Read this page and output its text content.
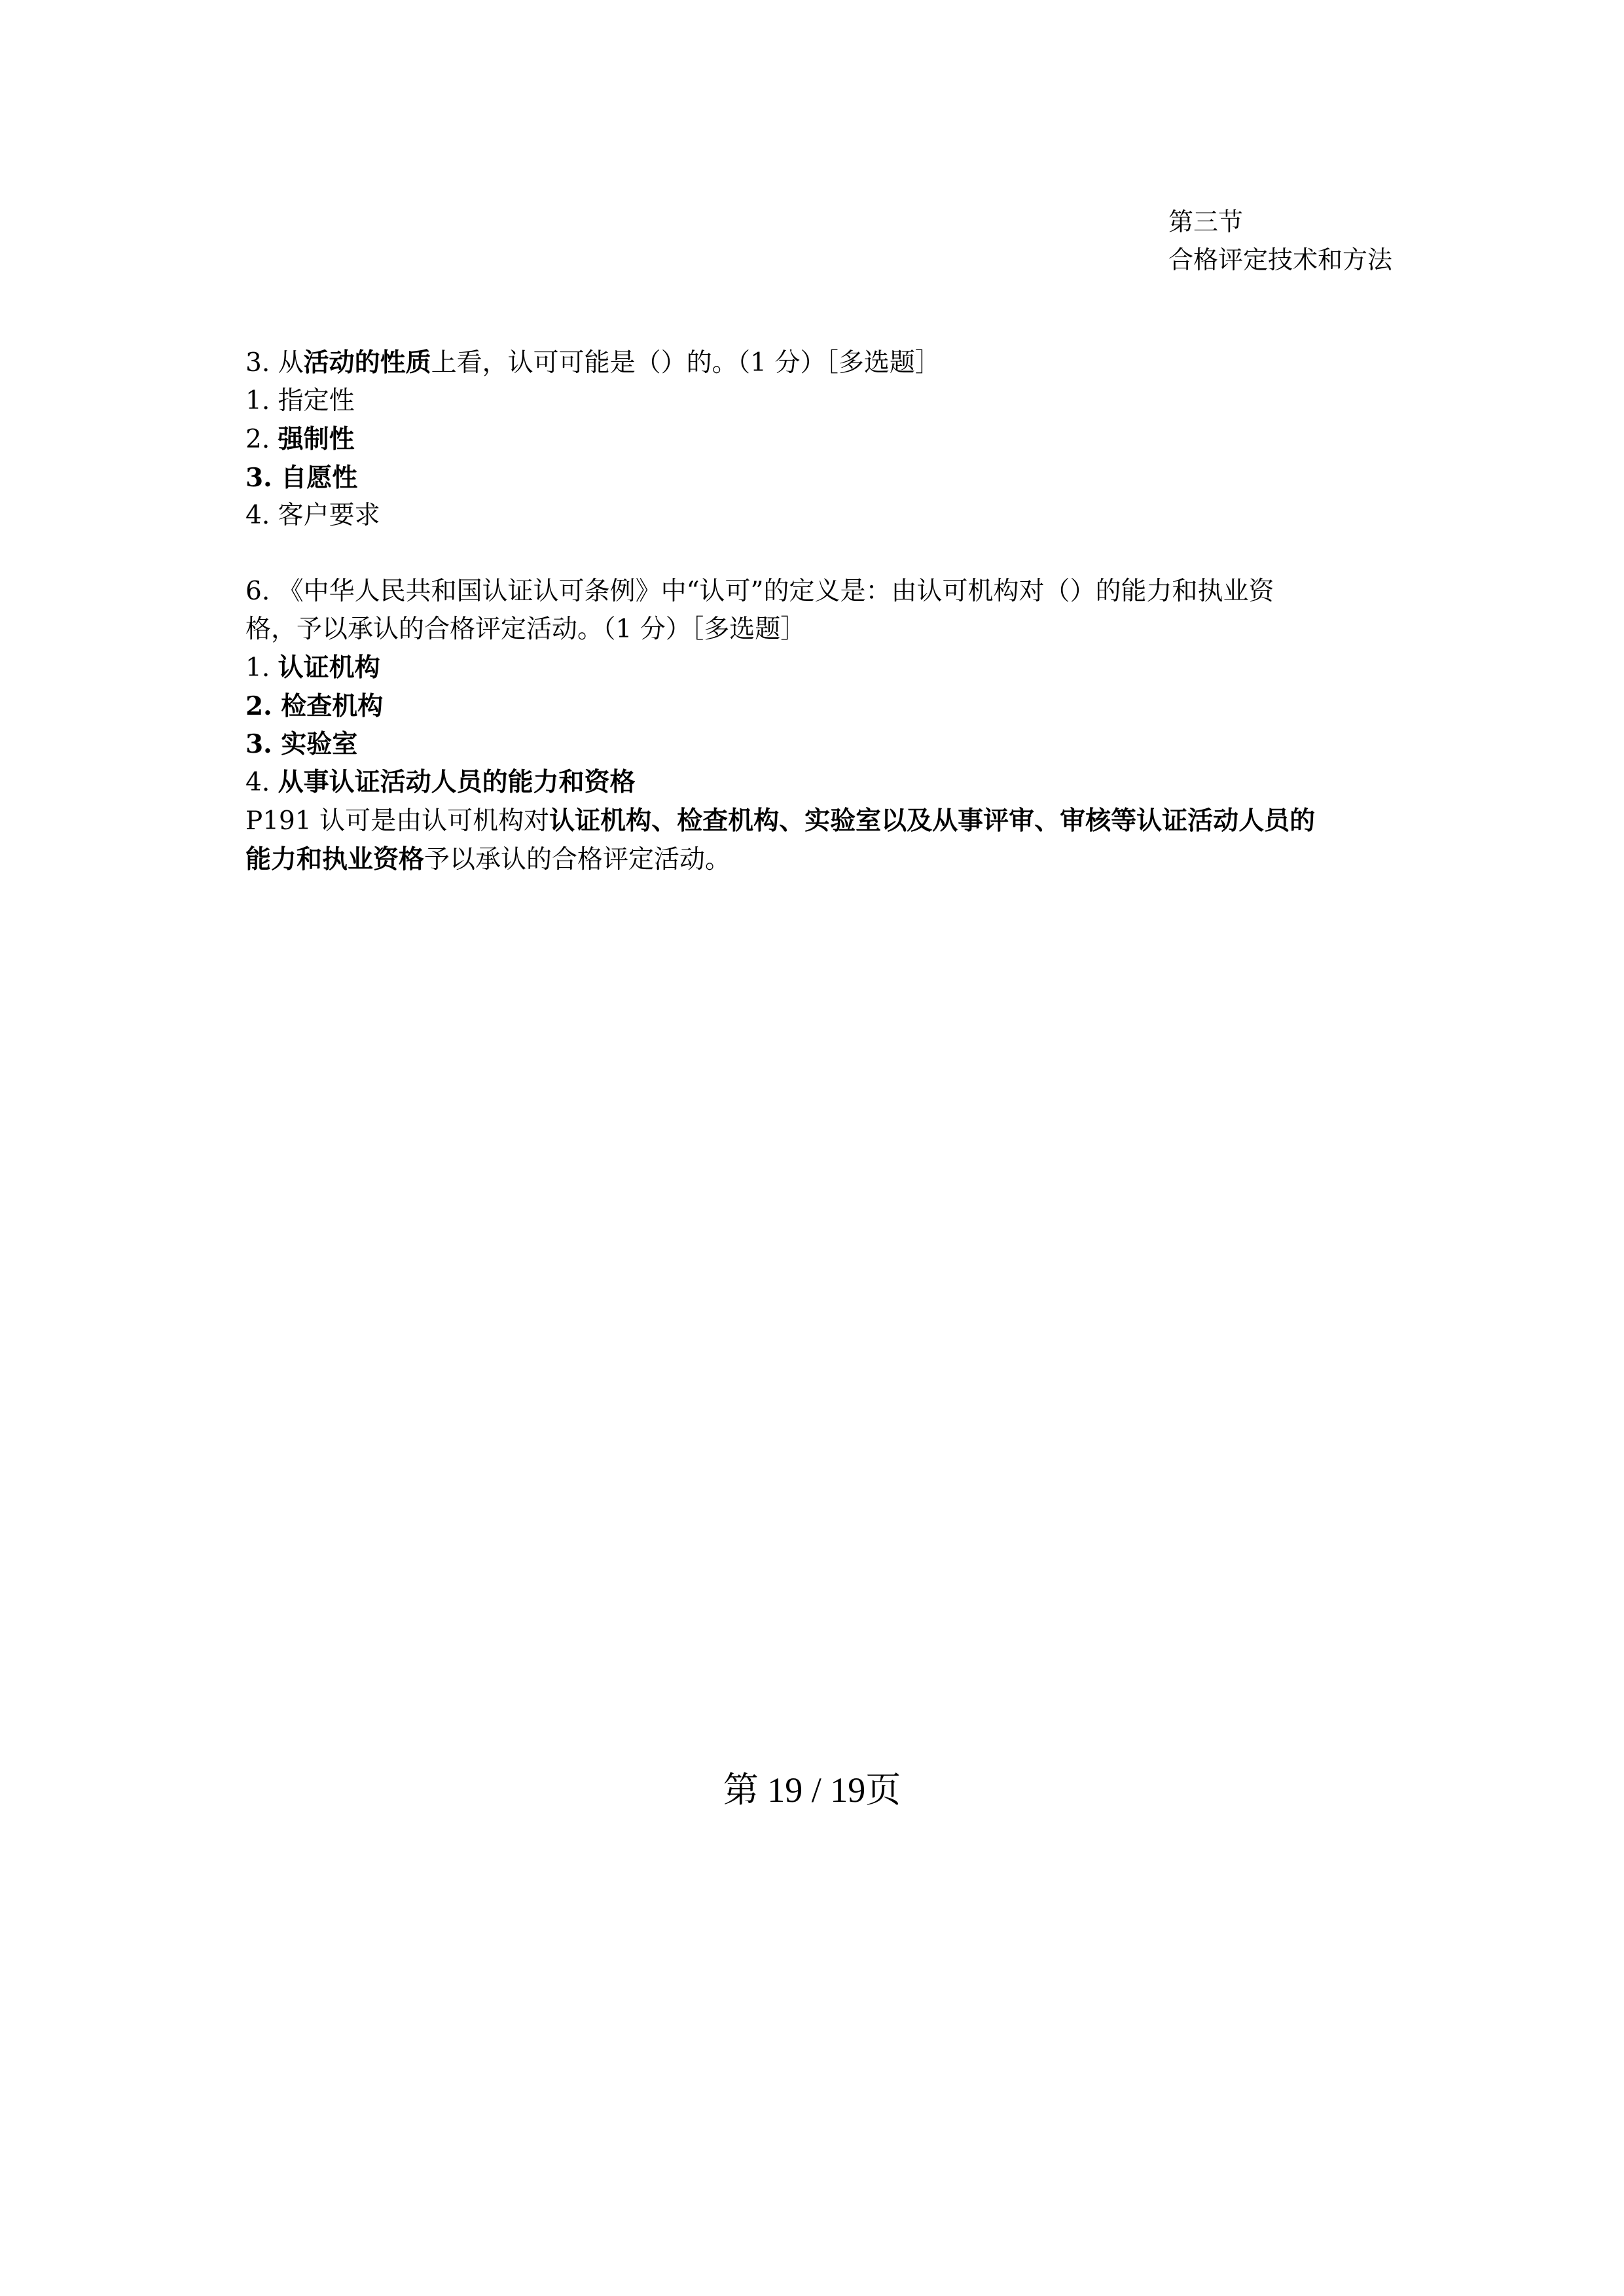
第三节
合格评定技术和方法

3. 从活动的性质上看，认可可能是（）的。（1 分）［多选题］

1. 指定性

2. 强制性

3. 自愿性

4. 客户要求

6. 《中华人民共和国认证认可条例》中“认可”的定义是：由认可机构对（）的能力和执业资

格，予以承认的合格评定活动。（1 分）［多选题］

1. 认证机构

2. 检查机构

3. 实验室

4. 从事认证活动人员的能力和资格

P191 认可是由认可机构对认证机构、检查机构、实验室以及从事评审、审核等认证活动人员的

能力和执业资格予以承认的合格评定活动。

第 19 / 19页
